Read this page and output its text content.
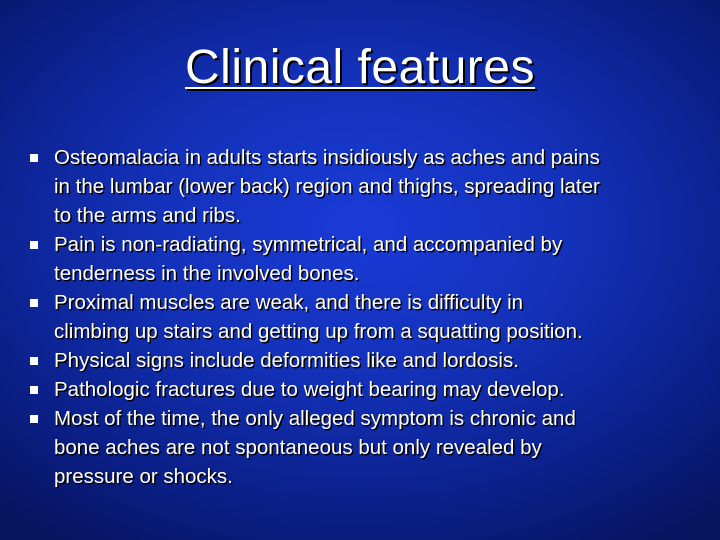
Clinical features
Osteomalacia in adults starts insidiously as aches and pains
in the lumbar (lower back) region and thighs, spreading later
to the arms and ribs.
Pain is non-radiating, symmetrical, and accompanied by
tenderness in the involved bones.
Proximal muscles are weak, and there is difficulty in
climbing up stairs and getting up from a squatting position.
Physical signs include deformities like and lordosis.
Pathologic fractures due to weight bearing may develop.
Most of the time, the only alleged symptom is chronic and
bone aches are not spontaneous but only revealed by
pressure or shocks.
